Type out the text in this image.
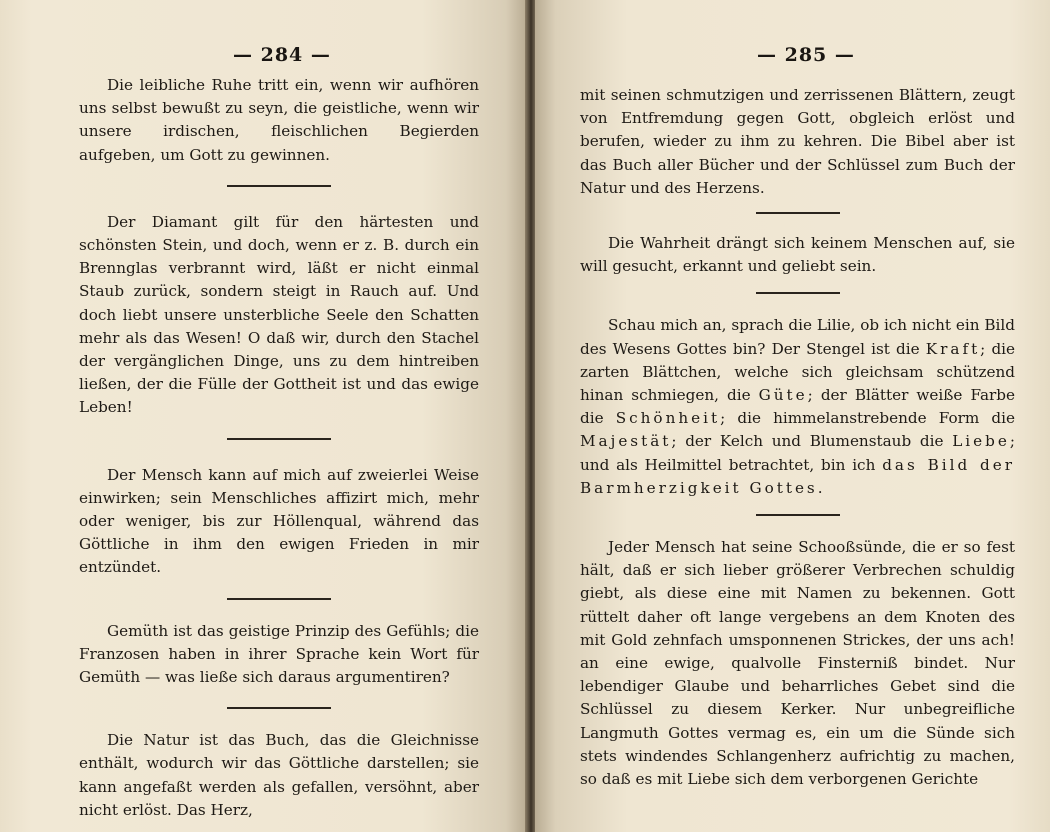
— 284 —

Die leibliche Ruhe tritt ein, wenn wir aufhören uns selbst bewußt zu seyn, die geistliche, wenn wir unsere irdischen, fleischlichen Begierden aufgeben, um Gott zu gewinnen.

Der Diamant gilt für den härtesten und schönsten Stein, und doch, wenn er z. B. durch ein Brennglas verbrannt wird, läßt er nicht einmal Staub zurück, sondern steigt in Rauch auf. Und doch liebt unsere unsterbliche Seele den Schatten mehr als das Wesen! O daß wir, durch den Stachel der vergänglichen Dinge, uns zu dem hintreiben ließen, der die Fülle der Gottheit ist und das ewige Leben!

Der Mensch kann auf mich auf zweierlei Weise einwirken; sein Menschliches affizirt mich, mehr oder weniger, bis zur Höllenqual, während das Göttliche in ihm den ewigen Frieden in mir entzündet.

Gemüth ist das geistige Prinzip des Gefühls; die Franzosen haben in ihrer Sprache kein Wort für Gemüth — was ließe sich daraus argumentiren?

Die Natur ist das Buch, das die Gleichnisse enthält, wodurch wir das Göttliche darstellen; sie kann angefaßt werden als gefallen, versöhnt, aber nicht erlöst. Das Herz,

— 285 —

mit seinen schmutzigen und zerrissenen Blättern, zeugt von Entfremdung gegen Gott, obgleich erlöst und berufen, wieder zu ihm zu kehren. Die Bibel aber ist das Buch aller Bücher und der Schlüssel zum Buch der Natur und des Herzens.

Die Wahrheit drängt sich keinem Menschen auf, sie will gesucht, erkannt und geliebt sein.

Schau mich an, sprach die Lilie, ob ich nicht ein Bild des Wesens Gottes bin? Der Stengel ist die Kraft; die zarten Blättchen, welche sich gleichsam schützend hinan schmiegen, die Güte; der Blätter weiße Farbe die Schönheit; die himmelanstrebende Form die Majestät; der Kelch und Blumenstaub die Liebe; und als Heilmittel betrachtet, bin ich das Bild der Barmherzigkeit Gottes.

Jeder Mensch hat seine Schooßsünde, die er so fest hält, daß er sich lieber größerer Verbrechen schuldig giebt, als diese eine mit Namen zu bekennen. Gott rüttelt daher oft lange vergebens an dem Knoten des mit Gold zehnfach umsponnenen Strickes, der uns ach! an eine ewige, qualvolle Finsterniß bindet. Nur lebendiger Glaube und beharrliches Gebet sind die Schlüssel zu diesem Kerker. Nur unbegreifliche Langmuth Gottes vermag es, ein um die Sünde sich stets windendes Schlangenherz aufrichtig zu machen, so daß es mit Liebe sich dem verborgenen Gerichte
